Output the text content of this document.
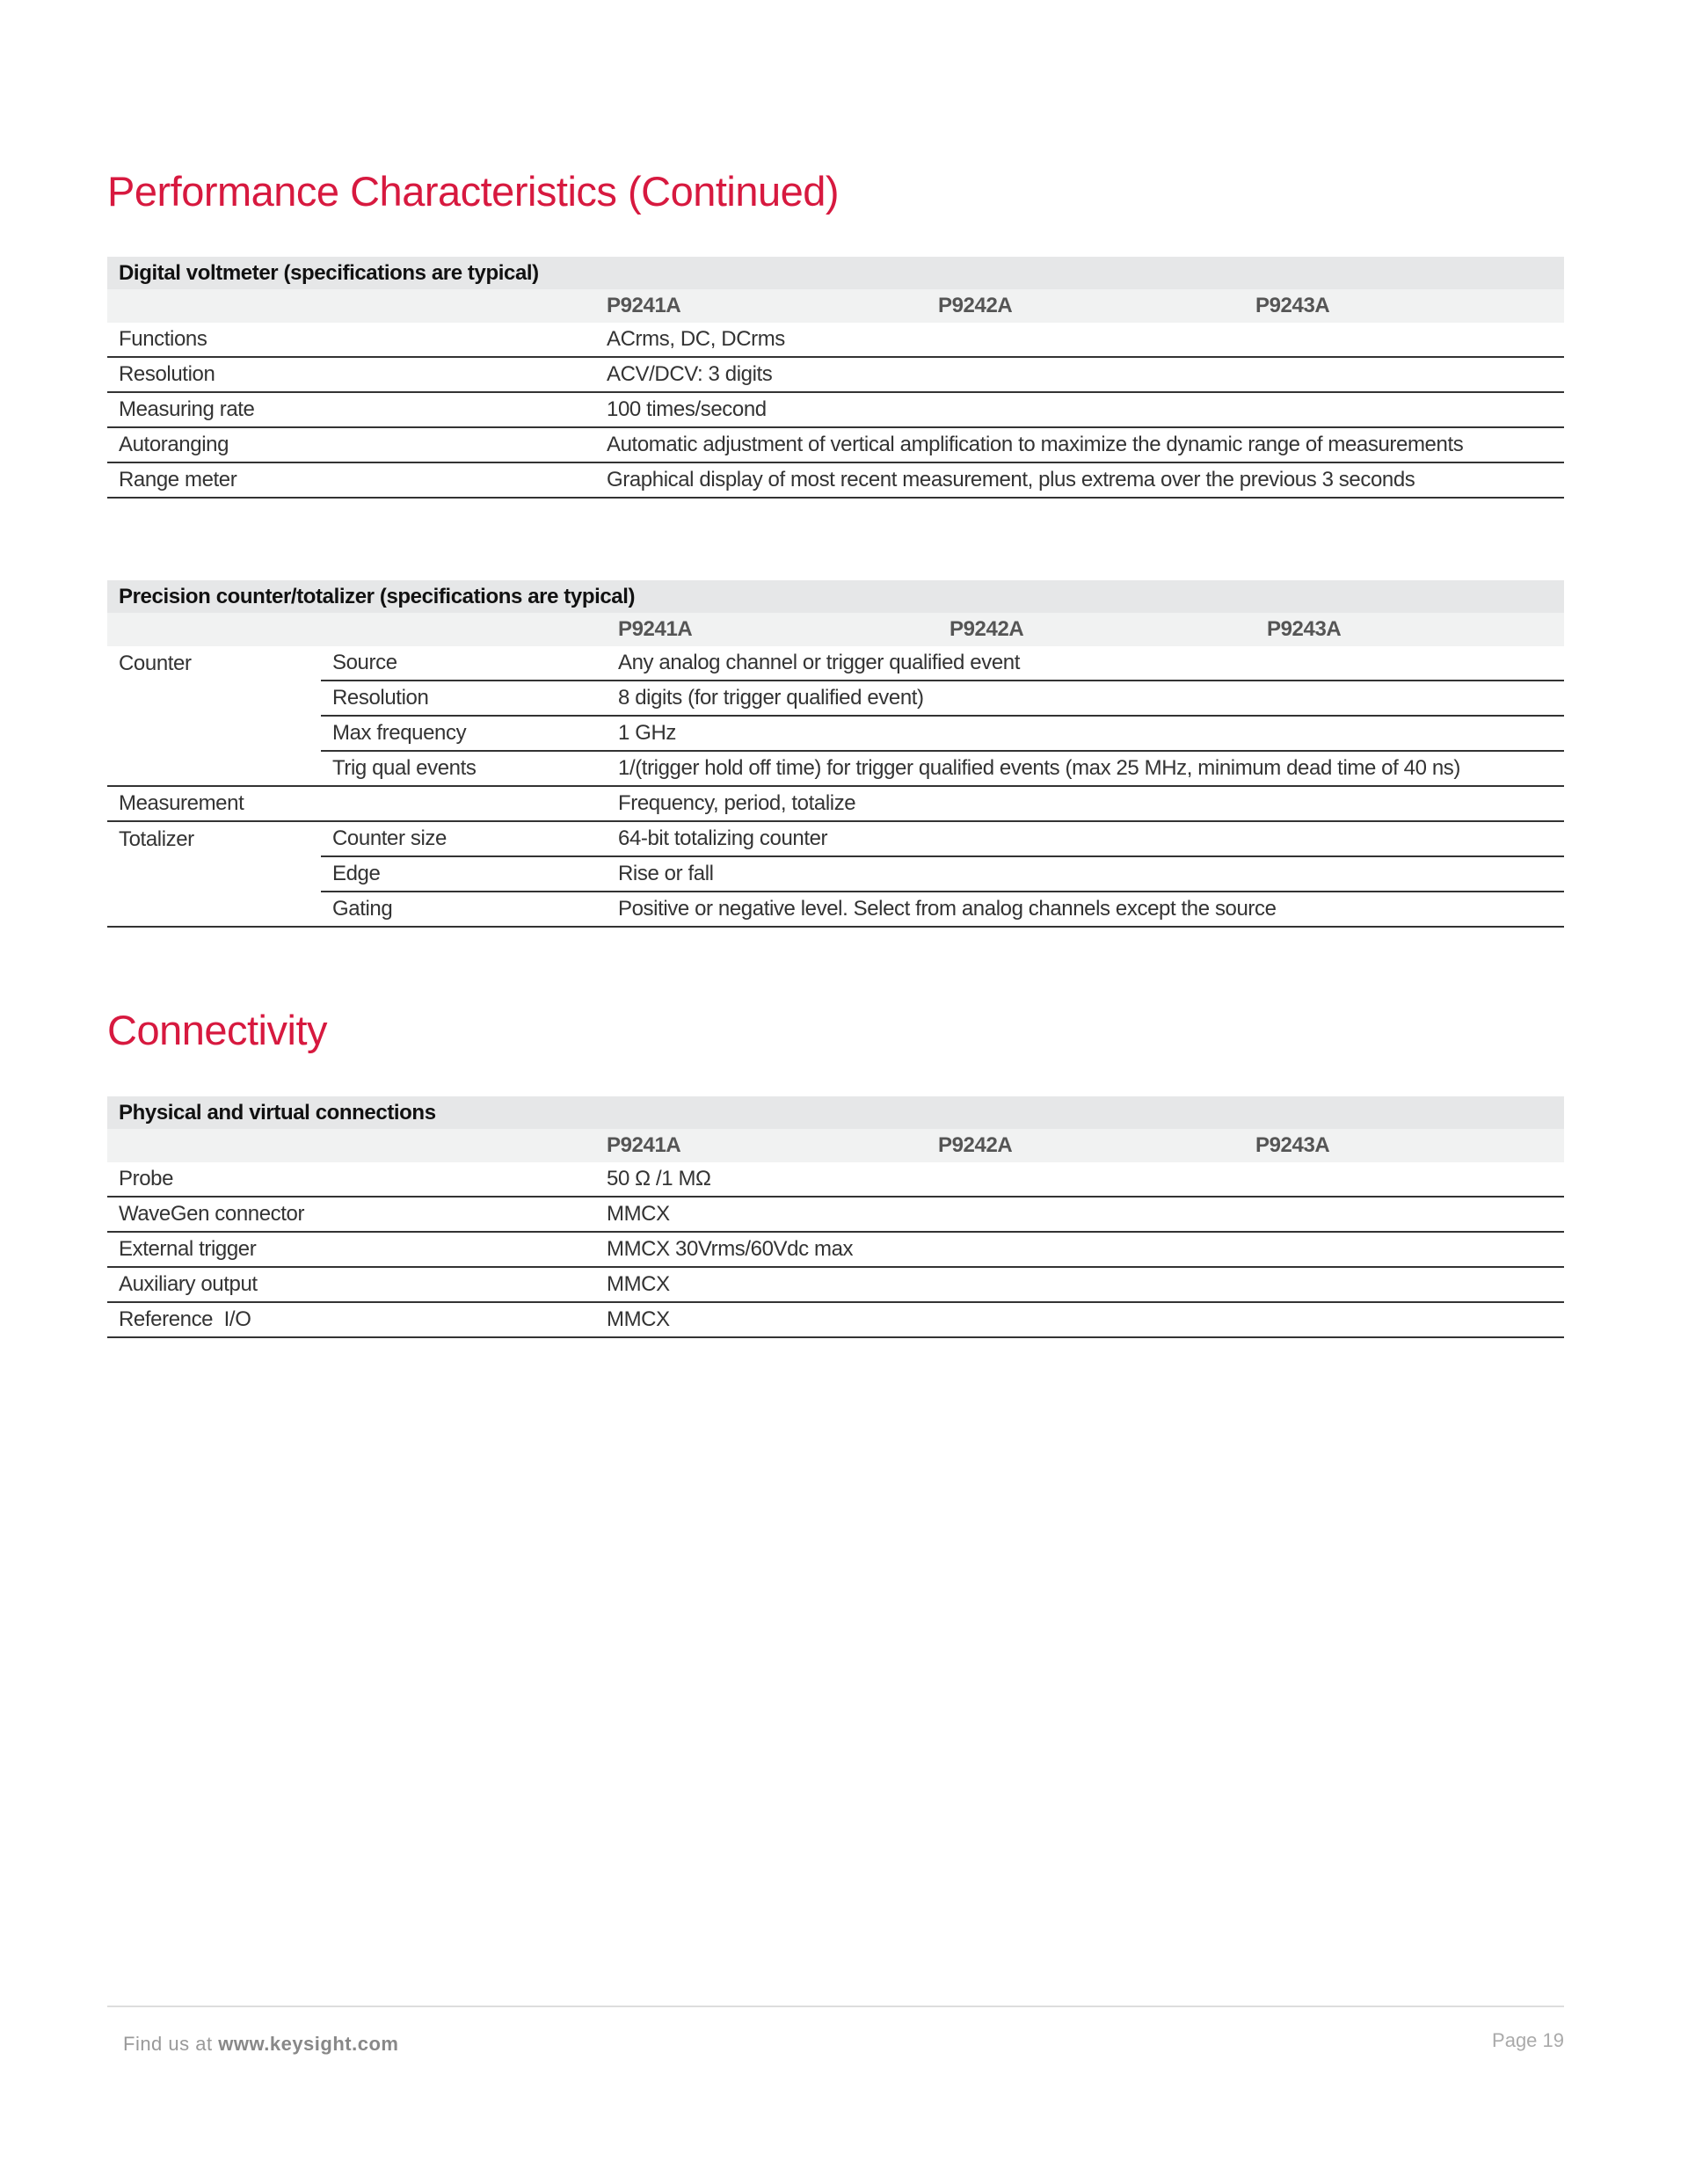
Performance Characteristics (Continued)
Digital voltmeter (specifications are typical)			
	P9241A	P9242A	P9243A
Functions	ACrms, DC, DCrms		
Resolution	ACV/DCV: 3 digits		
Measuring rate	100 times/second		
Autoranging	Automatic adjustment of vertical amplification to maximize the dynamic range of measurements		
Range meter	Graphical display of most recent measurement, plus extrema over the previous 3 seconds		
Precision counter/totalizer (specifications are typical)				
		P9241A	P9242A	P9243A
Counter	Source	Any analog channel or trigger qualified event		
	Resolution	8 digits (for trigger qualified event)		
	Max frequency	1 GHz		
	Trig qual events	1/(trigger hold off time) for trigger qualified events (max 25 MHz, minimum dead time of 40 ns)		
Measurement		Frequency, period, totalize		
Totalizer	Counter size	64-bit totalizing counter		
	Edge	Rise or fall		
	Gating	Positive or negative level. Select from analog channels except the source		
Connectivity
Physical and virtual connections			
	P9241A	P9242A	P9243A
Probe	50 Ω /1 MΩ		
WaveGen connector	MMCX		
External trigger	MMCX 30Vrms/60Vdc max		
Auxiliary output	MMCX		
Reference  I/O	MMCX		
Find us at www.keysight.com	Page 19
